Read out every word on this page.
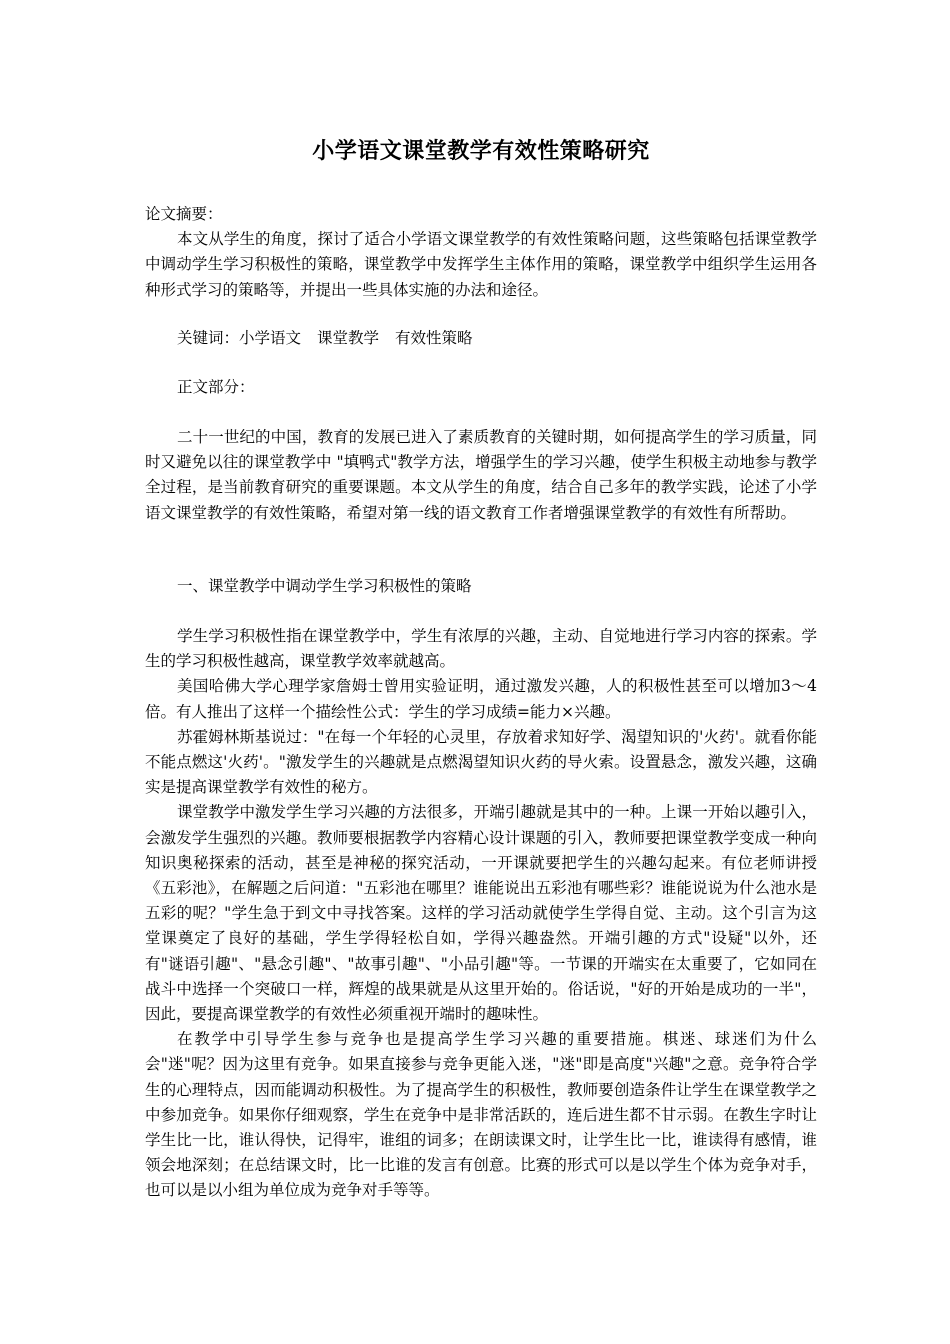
小学语文课堂教学有效性策略研究

论文摘要：

本文从学生的角度，探讨了适合小学语文课堂教学的有效性策略问题，这些策略包括课堂教学中调动学生学习积极性的策略，课堂教学中发挥学生主体作用的策略，课堂教学中组织学生运用各种形式学习的策略等，并提出一些具体实施的办法和途径。

关键词：小学语文 课堂教学 有效性策略

正文部分：

二十一世纪的中国，教育的发展已进入了素质教育的关键时期，如何提高学生的学习质量，同时又避免以往的课堂教学中 "填鸭式"教学方法，增强学生的学习兴趣，使学生积极主动地参与教学全过程，是当前教育研究的重要课题。本文从学生的角度，结合自己多年的教学实践，论述了小学语文课堂教学的有效性策略，希望对第一线的语文教育工作者增强课堂教学的有效性有所帮助。

一、课堂教学中调动学生学习积极性的策略

学生学习积极性指在课堂教学中，学生有浓厚的兴趣，主动、自觉地进行学习内容的探索。学生的学习积极性越高，课堂教学效率就越高。

美国哈佛大学心理学家詹姆士曾用实验证明，通过激发兴趣，人的积极性甚至可以增加3～4倍。有人推出了这样一个描绘性公式：学生的学习成绩=能力×兴趣。

苏霍姆林斯基说过："在每一个年轻的心灵里，存放着求知好学、渴望知识的'火药'。就看你能不能点燃这'火药'。"激发学生的兴趣就是点燃渴望知识火药的导火索。设置悬念，激发兴趣，这确实是提高课堂教学有效性的秘方。

课堂教学中激发学生学习兴趣的方法很多，开端引趣就是其中的一种。上课一开始以趣引入，会激发学生强烈的兴趣。教师要根据教学内容精心设计课题的引入，教师要把课堂教学变成一种向知识奥秘探索的活动，甚至是神秘的探究活动，一开课就要把学生的兴趣勾起来。有位老师讲授《五彩池》，在解题之后问道："五彩池在哪里？谁能说出五彩池有哪些彩？谁能说说为什么池水是五彩的呢？"学生急于到文中寻找答案。这样的学习活动就使学生学得自觉、主动。这个引言为这堂课奠定了良好的基础，学生学得轻松自如，学得兴趣盎然。开端引趣的方式"设疑"以外，还有"谜语引趣"、"悬念引趣"、"故事引趣"、"小品引趣"等。一节课的开端实在太重要了，它如同在战斗中选择一个突破口一样，辉煌的战果就是从这里开始的。俗话说，"好的开始是成功的一半"，因此，要提高课堂教学的有效性必须重视开端时的趣味性。

在教学中引导学生参与竞争也是提高学生学习兴趣的重要措施。棋迷、球迷们为什么会"迷"呢？因为这里有竞争。如果直接参与竞争更能入迷，"迷"即是高度"兴趣"之意。竞争符合学生的心理特点，因而能调动积极性。为了提高学生的积极性，教师要创造条件让学生在课堂教学之中参加竞争。如果你仔细观察，学生在竞争中是非常活跃的，连后进生都不甘示弱。在教生字时让学生比一比，谁认得快，记得牢，谁组的词多；在朗读课文时，让学生比一比，谁读得有感情，谁领会地深刻；在总结课文时，比一比谁的发言有创意。比赛的形式可以是以学生个体为竞争对手，也可以是以小组为单位成为竞争对手等等。
